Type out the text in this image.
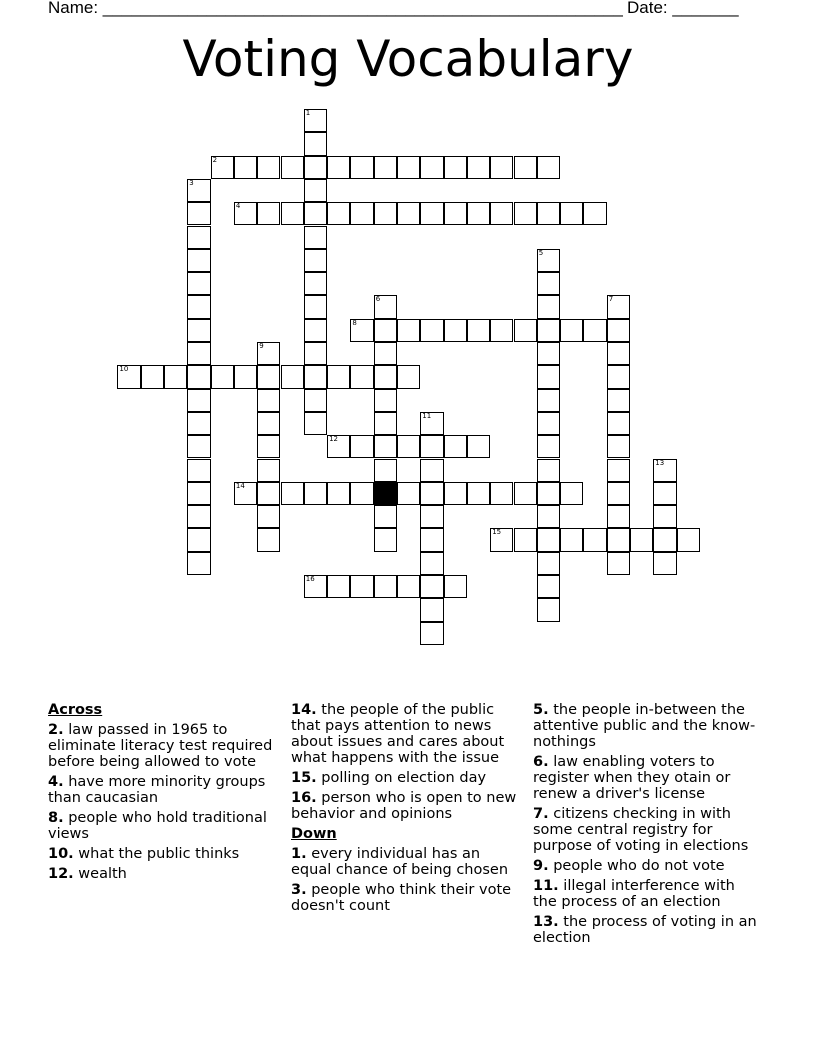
Name: _______________________________________________________ Date: _______
Voting Vocabulary
1
2
3
4
5
6	7
8
9
10
11
12
13
14
15
16
Across
2. law passed in 1965 to eliminate literacy test required before being allowed to vote
4. have more minority groups than caucasian
8. people who hold traditional views
10. what the public thinks
12. wealth
14. the people of the public that pays attention to news about issues and cares about what happens with the issue
15. polling on election day
16. person who is open to new behavior and opinions
Down
1. every individual has an equal chance of being chosen
3. people who think their vote doesn't count
5. the people in-between the attentive public and the know-nothings
6. law enabling voters to register when they otain or renew a driver's license
7. citizens checking in with some central registry for purpose of voting in elections
9. people who do not vote
11. illegal interference with the process of an election
13. the process of voting in an election
